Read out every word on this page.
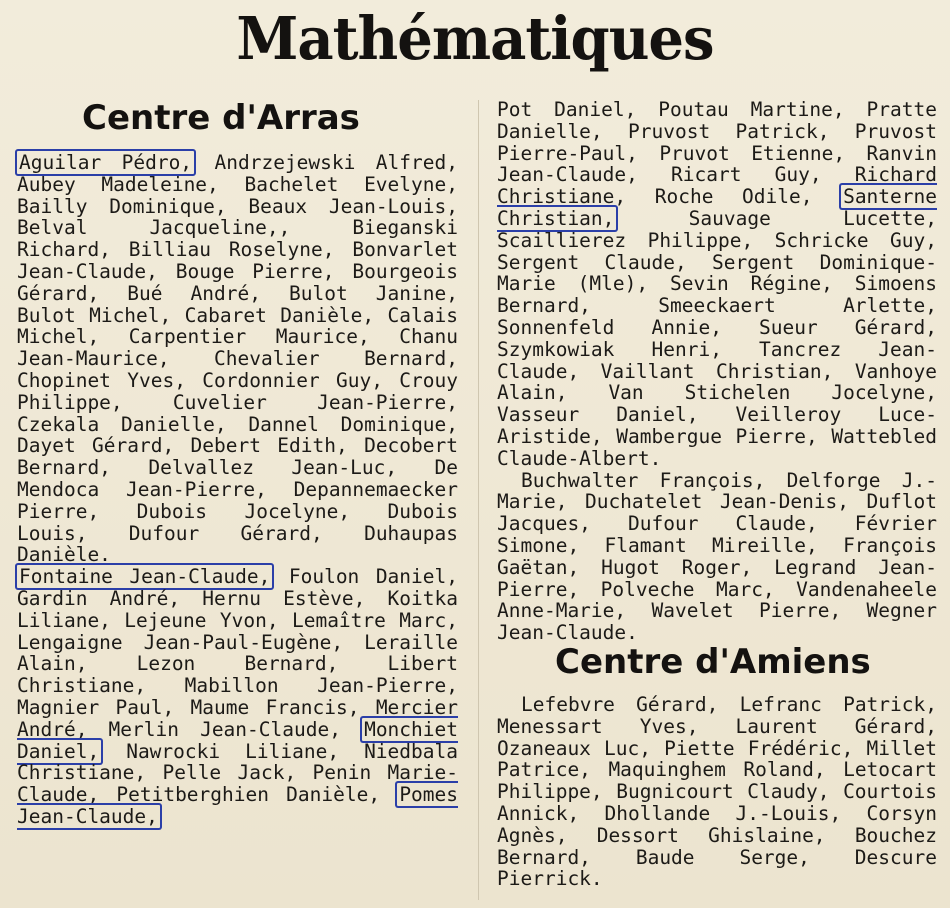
Mathématiques
Centre d'Arras

Aguilar Pédro, Andrzejewski Alfred, Aubey Madeleine, Bachelet Evelyne, Bailly Dominique, Beaux Jean-Louis, Belval Jacqueline,, Bieganski Richard, Billiau Roselyne, Bonvarlet Jean-Claude, Bouge Pierre, Bourgeois Gérard, Bué André, Bulot Janine, Bulot Michel, Cabaret Danièle, Calais Michel, Carpentier Maurice, Chanu Jean-Maurice, Chevalier Bernard, Chopinet Yves, Cordonnier Guy, Crouy Philippe, Cuvelier Jean-Pierre, Czekala Danielle, Dannel Dominique, Dayet Gérard, Debert Edith, Decobert Bernard, Delvallez Jean-Luc, De Mendoca Jean-Pierre, Depannemaecker Pierre, Dubois Jocelyne, Dubois Louis, Dufour Gérard, Duhaupas Danièle.

Fontaine Jean-Claude, Foulon Daniel, Gardin André, Hernu Estève, Koitka Liliane, Lejeune Yvon, Lemaître Marc, Lengaigne Jean-Paul-Eugène, Leraille Alain, Lezon Bernard, Libert Christiane, Mabillon Jean-Pierre, Magnier Paul, Maume Francis, Mercier André, Merlin Jean-Claude, Monchiet Daniel, Nawrocki Liliane, Niedbala Christiane, Pelle Jack, Penin Marie-Claude, Petitberghien Danièle, Pomes Jean-Claude,

Pot Daniel, Poutau Martine, Pratte Danielle, Pruvost Patrick, Pruvost Pierre-Paul, Pruvot Etienne, Ranvin Jean-Claude, Ricart Guy, Richard Christiane, Roche Odile, Santerne Christian,	Sauvage Lucette, Scaillierez Philippe, Schricke Guy, Sergent Claude, Sergent Dominique-Marie (Mle), Sevin Régine, Simoens Bernard, Smeeckaert Arlette, Sonnenfeld Annie, Sueur Gérard, Szymkowiak Henri, Tancrez Jean-Claude, Vaillant Christian, Vanhoye Alain, Van Stichelen Jocelyne, Vasseur Daniel, Veilleroy Luce-Aristide, Wambergue Pierre, Wattebled Claude-Albert.

Buchwalter François, Delforge J.-Marie, Duchatelet Jean-Denis, Duflot Jacques, Dufour Claude, Février Simone, Flamant Mireille, François Gaëtan, Hugot Roger, Legrand Jean-Pierre, Polveche Marc, Vandenaheele Anne-Marie, Wavelet Pierre, Wegner Jean-Claude.

Centre d'Amiens

Lefebvre Gérard, Lefranc Patrick, Menessart Yves, Laurent Gérard, Ozaneaux Luc, Piette Frédéric, Millet Patrice, Maquinghem Roland, Letocart Philippe, Bugnicourt Claudy, Courtois Annick, Dhollande J.-Louis, Corsyn Agnès, Dessort Ghislaine, Bouchez Bernard, Baude Serge, Descure Pierrick.
